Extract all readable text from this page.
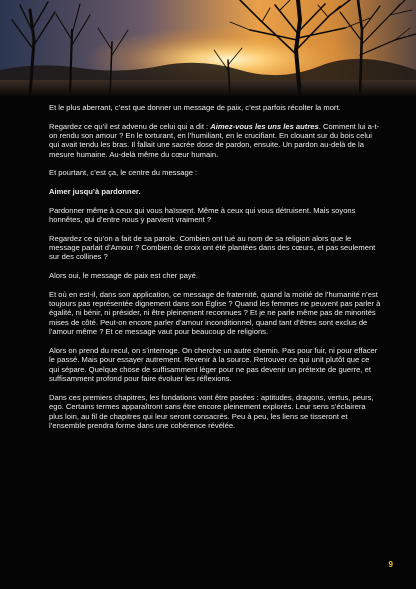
Et le plus aberrant, c’est que donner un message de paix, c’est parfois récolter la mort.

Regardez ce qu’il est advenu de celui qui a dit : Aimez-vous les uns les autres. Comment lui a-t-on rendu son amour ? En le torturant, en l’humiliant, en le crucifiant. En clouant sur du bois celui qui avait tendu les bras. Il fallait une sacrée dose de pardon, ensuite. Un pardon au-delà de la mesure humaine. Au-delà même du cœur humain.

Et pourtant, c’est ça, le centre du message :

Aimer jusqu’à pardonner.

Pardonner même à ceux qui vous haïssent. Même à ceux qui vous détruisent. Mais soyons honnêtes, qui d’entre nous y parvient vraiment ?

Regardez ce qu’on a fait de sa parole. Combien ont tué au nom de sa religion alors que le message parlait d’Amour ? Combien de croix ont été plantées dans des cœurs, et pas seulement sur des collines ?

Alors oui, le message de paix est cher payé.

Et où en est-il, dans son application, ce message de fraternité, quand la moitié de l’humanité n’est toujours pas représentée dignement dans son Église ? Quand les femmes ne peuvent pas parler à égalité, ni bénir, ni présider, ni être pleinement reconnues ? Et je ne parle même pas de minorités mises de côté. Peut-on encore parler d’amour inconditionnel, quand tant d’êtres sont exclus de l’amour même ? Et ce message vaut pour beaucoup de religions.

Alors on prend du recul, on s’interroge. On cherche un autre chemin. Pas pour fuir, ni pour effacer le passé. Mais pour essayer autrement. Revenir à la source. Retrouver ce qui unit plutôt que ce qui sépare. Quelque chose de suffisamment léger pour ne pas devenir un prétexte de guerre, et suffisamment profond pour faire évoluer les réflexions.

Dans ces premiers chapitres, les fondations vont être posées : aptitudes, dragons, vertus, peurs, ego. Certains termes apparaîtront sans être encore pleinement explorés. Leur sens s’éclairera plus loin, au fil de chapitres qui leur seront consacrés. Peu à peu, les liens se tisseront et l’ensemble prendra forme dans une cohérence révélée.

9
